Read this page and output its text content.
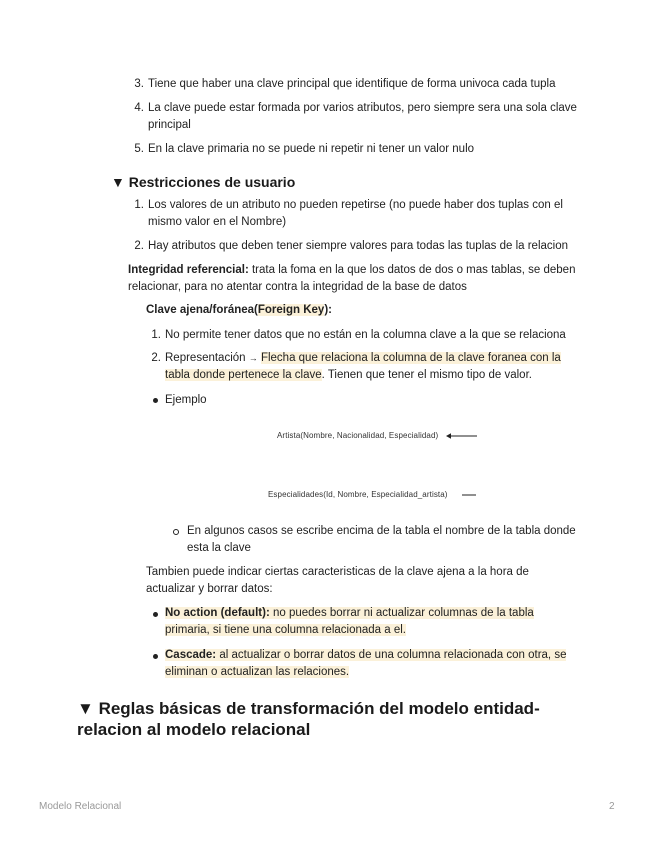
3. Tiene que haber una clave principal que identifique de forma univoca cada tupla
4. La clave puede estar formada por varios atributos, pero siempre sera una sola clave principal
5. En la clave primaria no se puede ni repetir ni tener un valor nulo
▼ Restricciones de usuario
1. Los valores de un atributo no pueden repetirse (no puede haber dos tuplas con el mismo valor en el Nombre)
2. Hay atributos que deben tener siempre valores para todas las tuplas de la relacion
Integridad referencial: trata la foma en la que los datos de dos o mas tablas, se deben relacionar, para no atentar contra la integridad de la base de datos
Clave ajena/foránea(Foreign Key):
1. No permite tener datos que no están en la columna clave a la que se relaciona
2. Representación → Flecha que relaciona la columna de la clave foranea con la tabla donde pertenece la clave. Tienen que tener el mismo tipo de valor.
Ejemplo
Artista(Nombre, Nacionalidad, Especialidad)
Especialidades(Id, Nombre, Especialidad_artista)
En algunos casos se escribe encima de la tabla el nombre de la tabla donde esta la clave
Tambien puede indicar ciertas caracteristicas de la clave ajena a la hora de actualizar y borrar datos:
No action (default): no puedes borrar ni actualizar columnas de la tabla primaria, si tiene una columna relacionada a el.
Cascade: al actualizar o borrar datos de una columna relacionada con otra, se eliminan o actualizan las relaciones.
▼ Reglas básicas de transformación del modelo entidad-relacion al modelo relacional
Modelo Relacional	2
